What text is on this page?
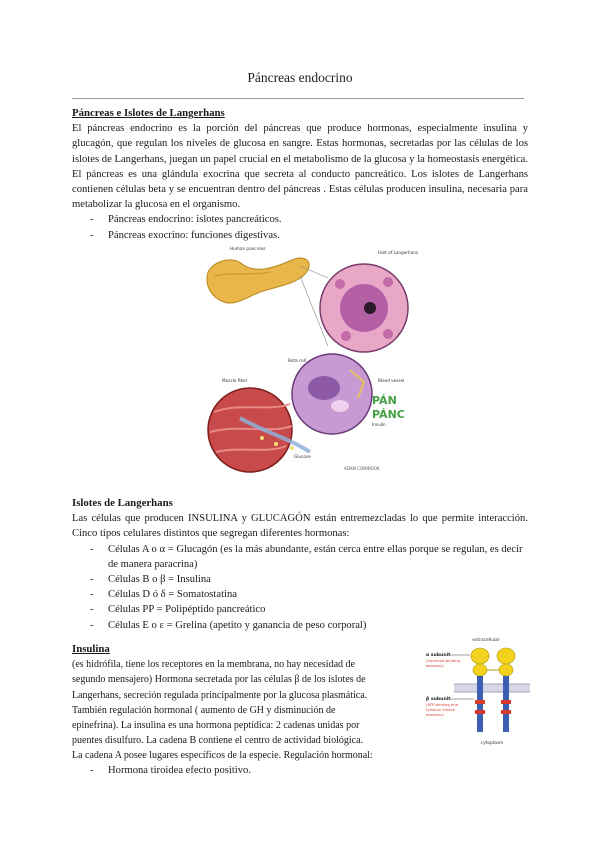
Páncreas endocrino
Páncreas e Islotes de Langerhans

El páncreas endocrino es la porción del páncreas que produce hormonas, especialmente insulina y glucagón, que regulan los niveles de glucosa en sangre. Estas hormonas, secretadas por las células de los islotes de Langerhans, juegan un papel crucial en el metabolismo de la glucosa y la homeostasis energética. El páncreas es una glándula exocrina que secreta al conducto pancreático. Los islotes de Langerhans contienen células beta y se encuentran dentro del páncreas . Estas células producen insulina, necesaria para metabolizar la glucosa en el organismo.

- Páncreas endocrino: islotes pancreáticos.
- Páncreas exocrino: funciones digestivas.
Human pancreas
Islet of Langerhans
Beta cell
Muscle fiber	Blood vessel
Insulin
Glucose
PÁN
PÁNC
ADAM.COM/BOOK
Islotes de Langerhans

Las células que producen INSULINA y GLUCAGÓN están entremezcladas lo que permite interacción. Cinco tipos celulares distintos que segregan diferentes hormonas:

- Células A o α = Glucagón (es la más abundante, están cerca entre ellas porque se regulan, es decir de manera paracrina)
- Células B o β = Insulina
- Células D ó δ = Somatostatina
- Células PP = Polipéptido pancreático
- Células E o ε = Grelina (apetito y ganancia de peso corporal)
Insulina

(es hidrófila, tiene los receptores en la membrana, no hay necesidad de
segundo mensajero) Hormona secretada por las células β de los islotes de
Langerhans, secreción regulada principalmente por la glucosa plasmática.
También regulación hormonal ( aumento de GH y disminución de
epinefrina). La insulina es una hormona peptídica: 2 cadenas unidas por
puentes disulfuro. La cadena B contiene el centro de actividad biológica.

La cadena A posee lugares específicos de la especie. Regulación hormonal:
- Hormona tiroidea efecto positivo.
extracellular
α subunit
(hormone-binding
domains)
β subunit
(ATP-binding and
tyrosine kinase
domains)
cytoplasm
